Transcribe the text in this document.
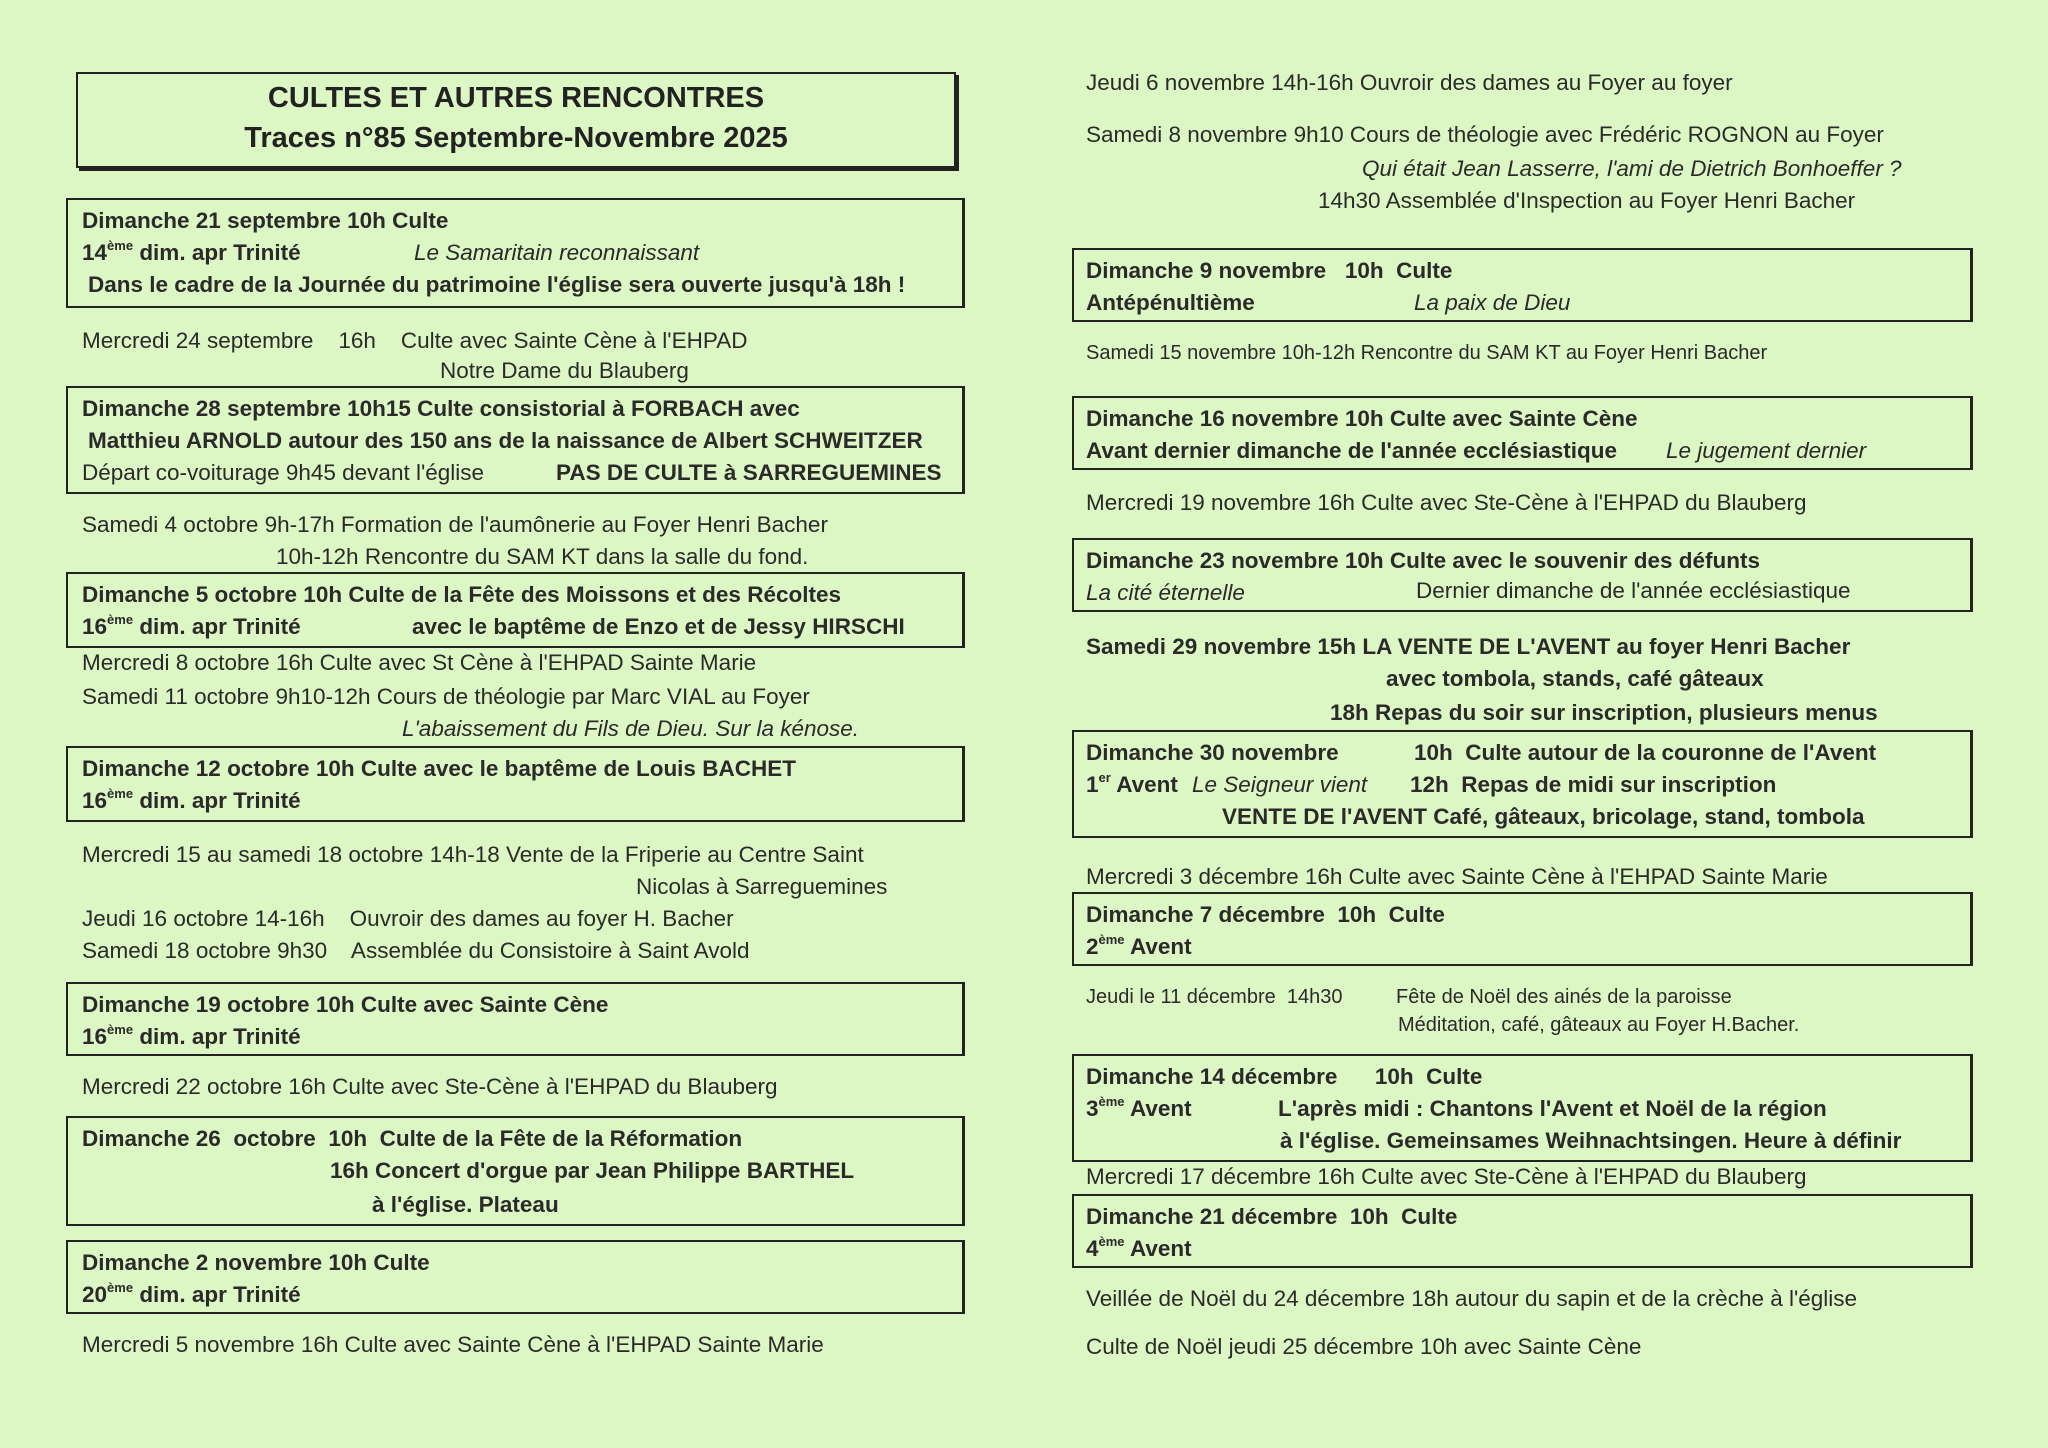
CULTES ET AUTRES RENCONTRES
Traces n°85 Septembre-Novembre 2025
Dimanche 21 septembre 10h Culte
14ème dim. apr Trinité	Le Samaritain reconnaissant
Dans le cadre de la Journée du patrimoine l'église sera ouverte jusqu'à 18h !
Mercredi 24 septembre    16h    Culte avec Sainte Cène à l'EHPAD
Notre Dame du Blauberg
Dimanche 28 septembre 10h15 Culte consistorial à FORBACH avec
Matthieu ARNOLD autour des 150 ans de la naissance de Albert SCHWEITZER
Départ co-voiturage 9h45 devant l'église	PAS DE CULTE à SARREGUEMINES
Samedi 4 octobre 9h-17h Formation de l'aumônerie au Foyer Henri Bacher
10h-12h Rencontre du SAM KT dans la salle du fond.
Dimanche 5 octobre 10h Culte de la Fête des Moissons et des Récoltes
16ème dim. apr Trinité	avec le baptême de Enzo et de Jessy HIRSCHI
Mercredi 8 octobre 16h Culte avec St Cène à l'EHPAD Sainte Marie
Samedi 11 octobre 9h10-12h Cours de théologie par Marc VIAL au Foyer
L'abaissement du Fils de Dieu. Sur la kénose.
Dimanche 12 octobre 10h Culte avec le baptême de Louis BACHET
16ème dim. apr Trinité
Mercredi 15 au samedi 18 octobre 14h-18 Vente de la Friperie au Centre Saint
Nicolas à Sarreguemines
Jeudi 16 octobre 14-16h    Ouvroir des dames au foyer H. Bacher
Samedi 18 octobre 9h30    Assemblée du Consistoire à Saint Avold
Dimanche 19 octobre 10h Culte avec Sainte Cène
16ème dim. apr Trinité
Mercredi 22 octobre 16h Culte avec Ste-Cène à l'EHPAD du Blauberg
Dimanche 26  octobre  10h  Culte de la Fête de la Réformation
16h Concert d'orgue par Jean Philippe BARTHEL
à l'église. Plateau
Dimanche 2 novembre 10h Culte
20ème dim. apr Trinité
Mercredi 5 novembre 16h Culte avec Sainte Cène à l'EHPAD Sainte Marie
Jeudi 6 novembre 14h-16h Ouvroir des dames au Foyer au foyer
Samedi 8 novembre 9h10 Cours de théologie avec Frédéric ROGNON au Foyer
Qui était Jean Lasserre, l'ami de Dietrich Bonhoeffer ?
14h30 Assemblée d'Inspection au Foyer Henri Bacher
Dimanche 9 novembre   10h  Culte
Antépénultième	La paix de Dieu
Samedi 15 novembre 10h-12h Rencontre du SAM KT au Foyer Henri Bacher
Dimanche 16 novembre 10h Culte avec Sainte Cène
Avant dernier dimanche de l'année ecclésiastique Le jugement dernier
Mercredi 19 novembre 16h Culte avec Ste-Cène à l'EHPAD du Blauberg
Dimanche 23 novembre 10h Culte avec le souvenir des défunts
La cité éternelle	Dernier dimanche de l'année ecclésiastique
Samedi 29 novembre 15h LA VENTE DE L'AVENT au foyer Henri Bacher
avec tombola, stands, café gâteaux
18h Repas du soir sur inscription, plusieurs menus
Dimanche 30 novembre	10h  Culte autour de la couronne de l'Avent
1er Avent Le Seigneur vient 12h  Repas de midi sur inscription
VENTE DE l'AVENT Café, gâteaux, bricolage, stand, tombola
Mercredi 3 décembre 16h Culte avec Sainte Cène à l'EHPAD Sainte Marie
Dimanche 7 décembre  10h  Culte
2ème Avent
Jeudi le 11 décembre  14h30	Fête de Noël des ainés de la paroisse
Méditation, café, gâteaux au Foyer H.Bacher.
Dimanche 14 décembre      10h  Culte
3ème Avent	L'après midi : Chantons l'Avent et Noël de la région
à l'église. Gemeinsames Weihnachtsingen. Heure à définir
Mercredi 17 décembre 16h Culte avec Ste-Cène à l'EHPAD du Blauberg
Dimanche 21 décembre  10h  Culte
4ème Avent
Veillée de Noël du 24 décembre 18h autour du sapin et de la crèche à l'église
Culte de Noël jeudi 25 décembre 10h avec Sainte Cène
